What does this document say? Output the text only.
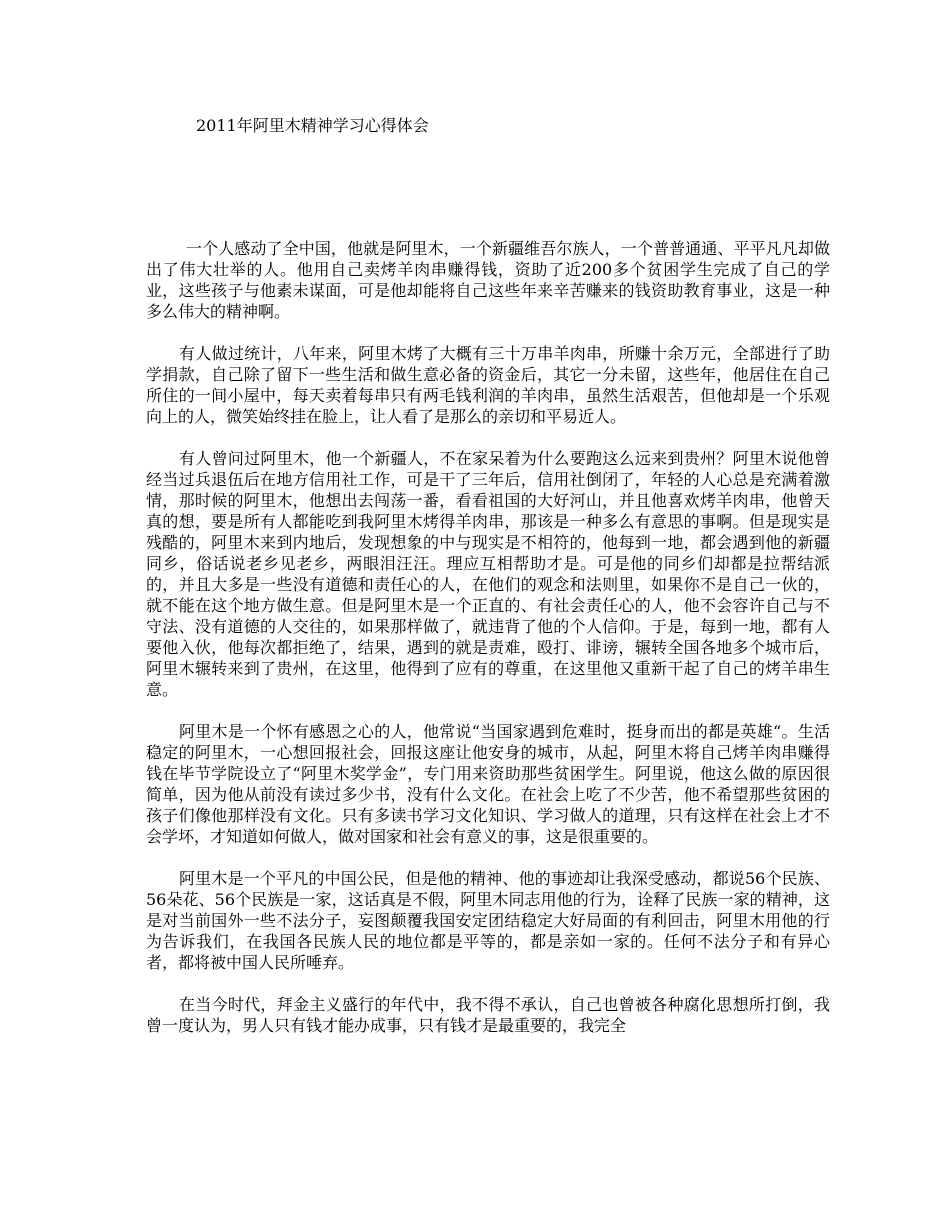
2011年阿里木精神学习心得体会

一个人感动了全中国，他就是阿里木，一个新疆维吾尔族人，一个普普通通、平平凡凡却做出了伟大壮举的人。他用自己卖烤羊肉串赚得钱，资助了近200多个贫困学生完成了自己的学业，这些孩子与他素未谋面，可是他却能将自己这些年来辛苦赚来的钱资助教育事业，这是一种多么伟大的精神啊。

有人做过统计，八年来，阿里木烤了大概有三十万串羊肉串，所赚十余万元，全部进行了助学捐款，自己除了留下一些生活和做生意必备的资金后，其它一分未留，这些年，他居住在自己所住的一间小屋中，每天卖着每串只有两毛钱利润的羊肉串，虽然生活艰苦，但他却是一个乐观向上的人，微笑始终挂在脸上，让人看了是那么的亲切和平易近人。

有人曾问过阿里木，他一个新疆人，不在家呆着为什么要跑这么远来到贵州？阿里木说他曾经当过兵退伍后在地方信用社工作，可是干了三年后，信用社倒闭了，年轻的人心总是充满着激情，那时候的阿里木，他想出去闯荡一番，看看祖国的大好河山，并且他喜欢烤羊肉串，他曾天真的想，要是所有人都能吃到我阿里木烤得羊肉串，那该是一种多么有意思的事啊。但是现实是残酷的，阿里木来到内地后，发现想象的中与现实是不相符的，他每到一地，都会遇到他的新疆同乡，俗话说老乡见老乡，两眼泪汪汪。理应互相帮助才是。可是他的同乡们却都是拉帮结派的，并且大多是一些没有道德和责任心的人，在他们的观念和法则里，如果你不是自己一伙的，就不能在这个地方做生意。但是阿里木是一个正直的、有社会责任心的人，他不会容许自己与不守法、没有道德的人交往的，如果那样做了，就违背了他的个人信仰。于是，每到一地，都有人要他入伙，他每次都拒绝了，结果，遇到的就是责难，殴打、诽谤，辗转全国各地多个城市后，阿里木辗转来到了贵州，在这里，他得到了应有的尊重，在这里他又重新干起了自己的烤羊串生意。

阿里木是一个怀有感恩之心的人，他常说“当国家遇到危难时，挺身而出的都是英雄“。生活稳定的阿里木，一心想回报社会，回报这座让他安身的城市，从起，阿里木将自己烤羊肉串赚得钱在毕节学院设立了“阿里木奖学金”，专门用来资助那些贫困学生。阿里说，他这么做的原因很简单，因为他从前没有读过多少书，没有什么文化。在社会上吃了不少苦，他不希望那些贫困的孩子们像他那样没有文化。只有多读书学习文化知识、学习做人的道理，只有这样在社会上才不会学坏，才知道如何做人，做对国家和社会有意义的事，这是很重要的。

阿里木是一个平凡的中国公民，但是他的精神、他的事迹却让我深受感动，都说56个民族、56朵花、56个民族是一家，这话真是不假，阿里木同志用他的行为，诠释了民族一家的精神，这是对当前国外一些不法分子，妄图颠覆我国安定团结稳定大好局面的有利回击，阿里木用他的行为告诉我们，在我国各民族人民的地位都是平等的，都是亲如一家的。任何不法分子和有异心者，都将被中国人民所唾弃。

在当今时代，拜金主义盛行的年代中，我不得不承认，自己也曾被各种腐化思想所打倒，我曾一度认为，男人只有钱才能办成事，只有钱才是最重要的，我完全
